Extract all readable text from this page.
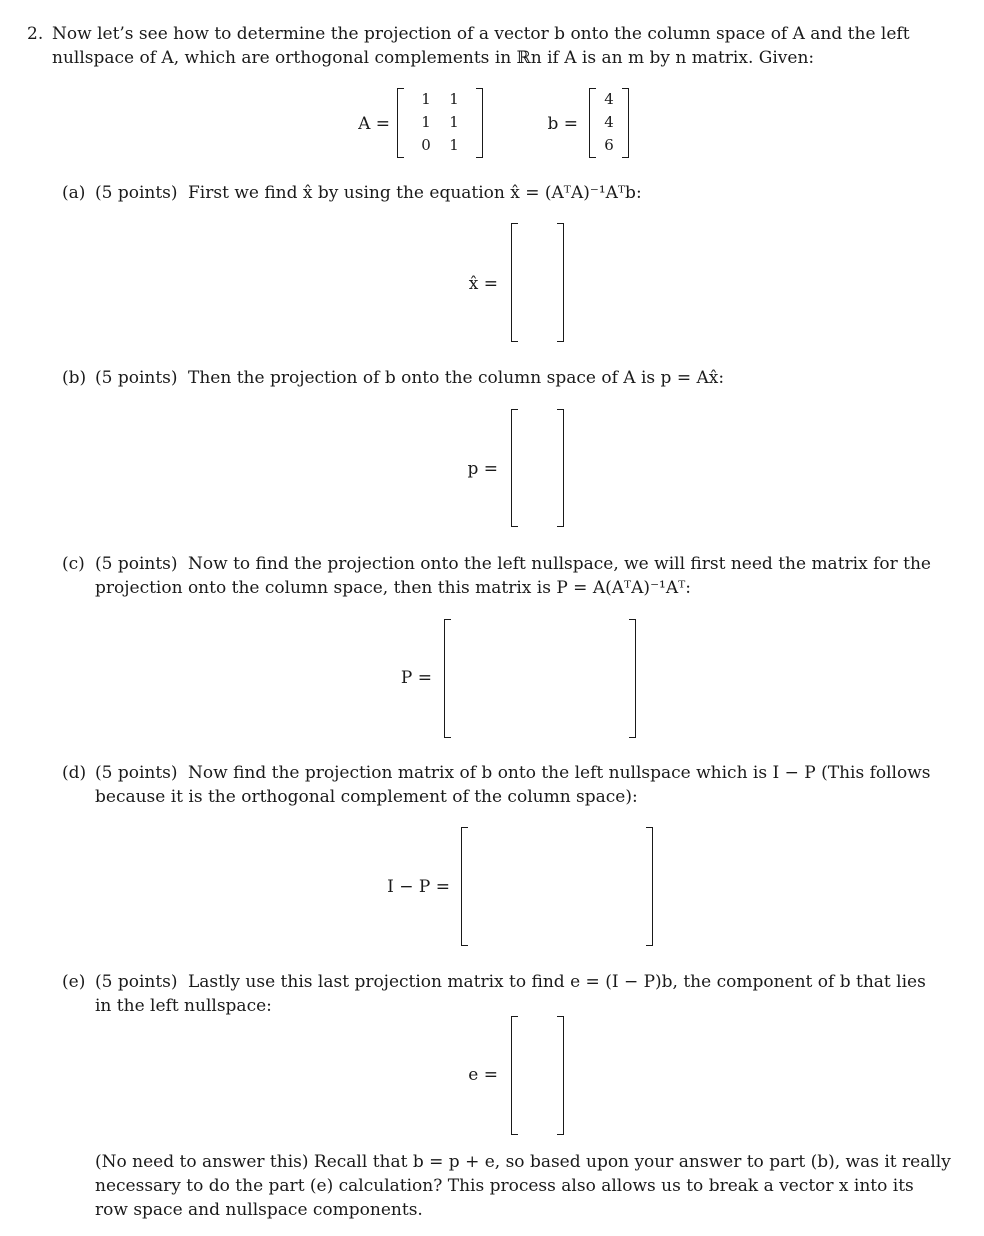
2. Now let’s see how to determine the projection of a vector b onto the column space of A and the left
nullspace of A, which are orthogonal complements in ℝn if A is an m by n matrix. Given:
A =
1	1
1	1
0	1
b =
4
4
6
(a) (5 points) First we find x̂ by using the equation x̂ = (AᵀA)⁻¹Aᵀb:
x̂ =
(b) (5 points) Then the projection of b onto the column space of A is p = Ax̂:
p =
(c) (5 points) Now to find the projection onto the left nullspace, we will first need the matrix for the
projection onto the column space, then this matrix is P = A(AᵀA)⁻¹Aᵀ:
P =
(d) (5 points) Now find the projection matrix of b onto the left nullspace which is I − P (This follows
because it is the orthogonal complement of the column space):
I − P =
(e) (5 points) Lastly use this last projection matrix to find e = (I − P)b, the component of b that lies
in the left nullspace:
e =
(No need to answer this) Recall that b = p + e, so based upon your answer to part (b), was it really
necessary to do the part (e) calculation? This process also allows us to break a vector x into its
row space and nullspace components.
